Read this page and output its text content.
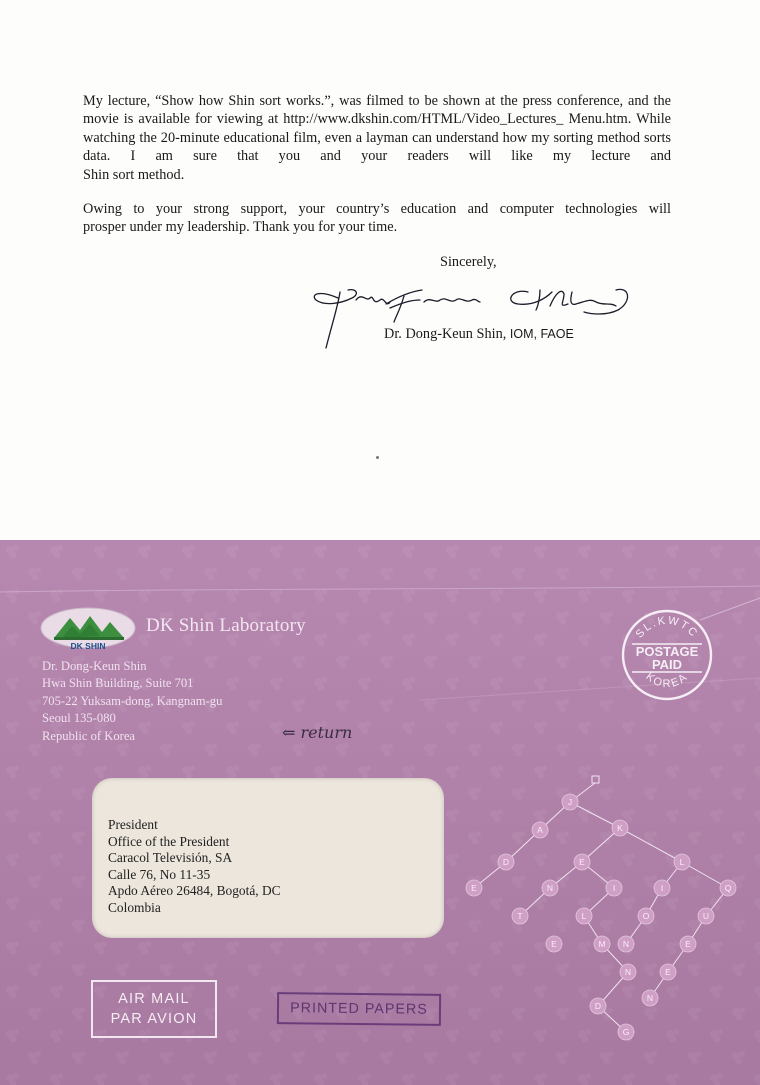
My lecture, “Show how Shin sort works.”, was filmed to be shown at the press conference, and the movie is available for viewing at http://www.dkshin.com/HTML/Video_Lectures_ Menu.htm. While watching the 20-minute educational film, even a layman can understand how my sorting method sorts data. I am sure that you and your readers will like my lecture and
Shin sort method.

Owing to your strong support, your country’s education and computer technologies will
prosper under my leadership. Thank you for your time.

Sincerely,
Dr. Dong-Keun Shin, IOM, FAOE
DK SHIN
DK Shin Laboratory
Dr. Dong-Keun Shin
Hwa Shin Building, Suite 701
705-22 Yuksam-dong, Kangnam-gu
Seoul 135-080
Republic of Korea
SL.KWTC
POSTAGE
PAID
KOREA
⇐ return
President
Office of the President
Caracol Televisión, SA
Calle 76, No 11-35
Apdo Aéreo 26484, Bogotá, DC
Colombia
AIR MAIL
PAR AVION
PRINTED PAPERS
J
A	K
D	E	L
E	N	I	I	Q
T	L	O	U
E	M N	E
N	E
D
N
G
